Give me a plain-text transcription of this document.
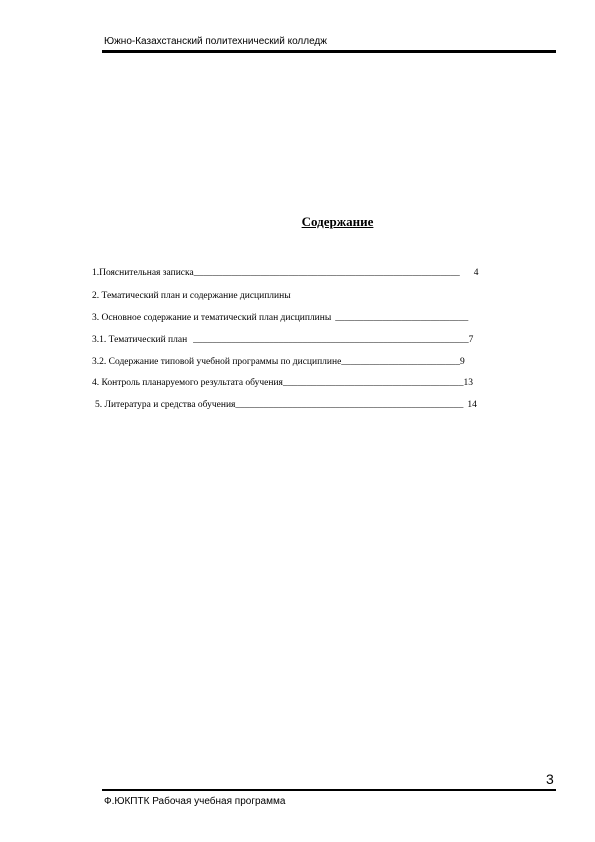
Южно-Казахстанский политехнический колледж
Содержание
1.Пояснительная записка________________________________________________________ 4
2. Тематический план и содержание дисциплины
3. Основное содержание и тематический план дисциплины ____________________________
3.1. Тематический план __________________________________________________________7
3.2. Содержание типовой учебной программы по дисциплине_________________________9
4. Контроль планаруемого результата обучения______________________________________13
5. Литература и средства обучения________________________________________________ 14
3
Ф.ЮКПТК Рабочая учебная программа
